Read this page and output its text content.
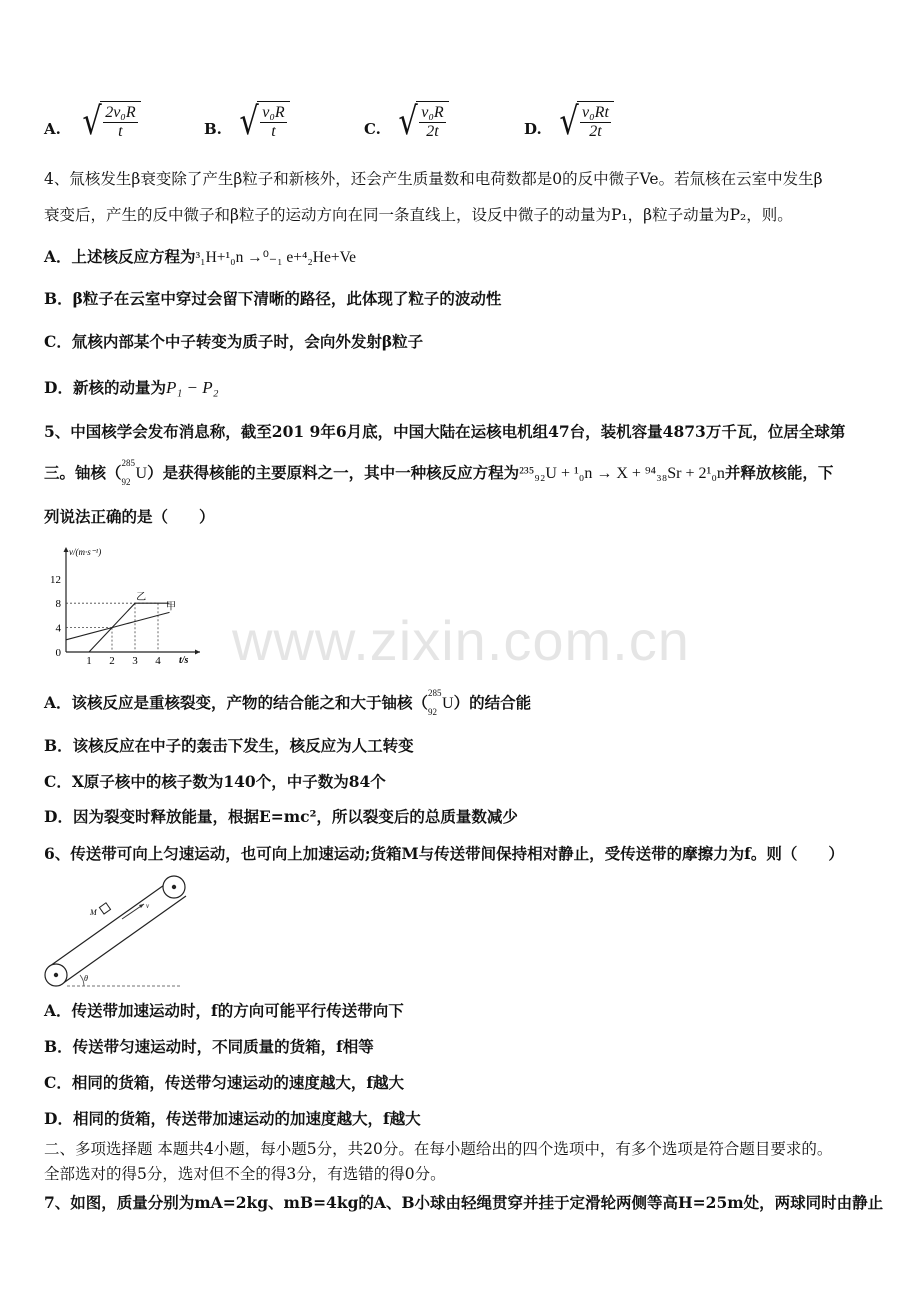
A. √ $\frac{\text{2v₀R}}{t}$	B. √ $\frac{\text{v₀R}}{t}$	C. √ $\frac{\text{v₀R}}{2t}$	D. √ $\frac{\text{v₀Rt}}{2t}$
4、氚核发生β衰变除了产生β粒子和新核外，还会产生质量数和电荷数都是0的反中微子Ve。若氚核在云室中发生β
衰变后，产生的反中微子和β粒子的运动方向在同一条直线上，设反中微子的动量为P₁，β粒子动量为P₂，则。
A．上述核反应方程为³₁H+¹₀n →⁰₋₁ e+⁴₂He+Ve
B．β粒子在云室中穿过会留下清晰的路径，此体现了粒子的波动性
C．氚核内部某个中子转变为质子时，会向外发射β粒子
D．新核的动量为P₁ − P₂
5、中国核学会发布消息称，截至201 9年6月底，中国大陆在运核电机组47台，装机容量4873万千瓦，位居全球第
三。铀核（ 285
92 U）是获得核能的主要原料之一，其中一种核反应方程为²³⁵₉₂U + ¹₀n → X + ⁹⁴₃₈Sr + 2¹₀n并释放核能，下
列说法正确的是（　　）
v/(m·s⁻¹)
t/s
12
8
4
0
1 2 3 4
甲
乙
www.zixin.com.cn
A．该核反应是重核裂变，产物的结合能之和大于铀核（ 285
92 U）的结合能
B．该核反应在中子的轰击下发生，核反应为人工转变
C．X原子核中的核子数为140个，中子数为84个
D．因为裂变时释放能量，根据E=mc²，所以裂变后的总质量数减少
6、传送带可向上匀速运动，也可向上加速运动;货箱M与传送带间保持相对静止，受传送带的摩擦力为f。则（　　）
M
v
θ
A．传送带加速运动时，f的方向可能平行传送带向下
B．传送带匀速运动时，不同质量的货箱，f相等
C．相同的货箱，传送带匀速运动的速度越大，f越大
D．相同的货箱，传送带加速运动的加速度越大，f越大
二、多项选择题 本题共4小题，每小题5分，共20分。在每小题给出的四个选项中，有多个选项是符合题目要求的。
全部选对的得5分，选对但不全的得3分，有选错的得0分。
7、如图，质量分别为mA=2kg、mB=4kg的A、B小球由轻绳贯穿并挂于定滑轮两侧等高H=25m处，两球同时由静止
